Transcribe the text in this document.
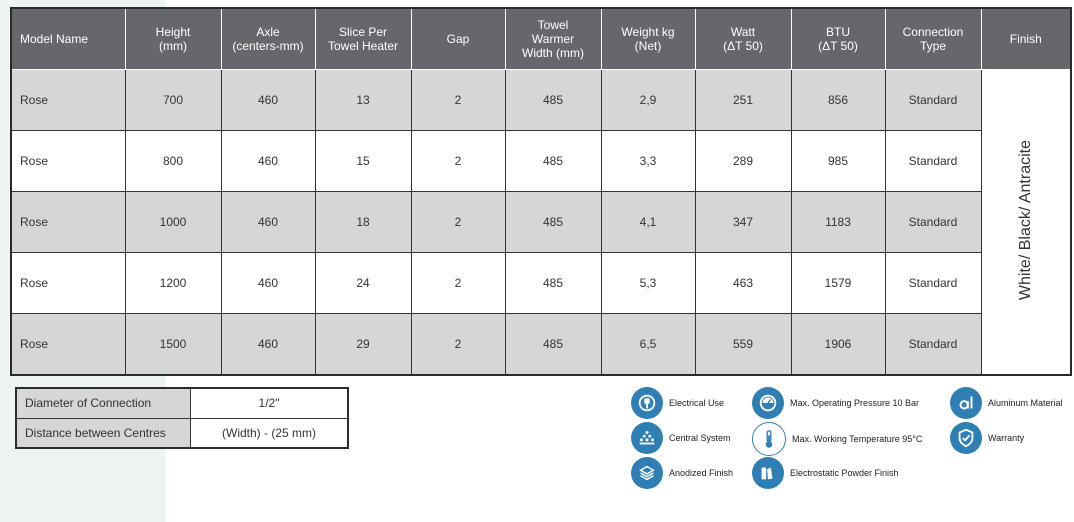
Model Name	Height
(mm)	Axle
(centers-mm)	Slice Per
Towel Heater	Gap	Towel
Warmer
Width (mm)	Weight kg
(Net)	Watt
(ΔT 50)	BTU
(ΔT 50)	Connection
Type	Finish
Rose	700	460	13	2	485	2,9	251	856	Standard	White/ Black/ Antracite
Rose	800	460	15	2	485	3,3	289	985	Standard	
Rose	1000	460	18	2	485	4,1	347	1183	Standard	
Rose	1200	460	24	2	485	5,3	463	1579	Standard	
Rose	1500	460	29	2	485	6,5	559	1906	Standard	
Diameter of Connection	1/2"
Distance between Centres	(Width) - (25 mm)
Electrical Use	Max. Operating Pressure 10 Bar	Aluminum Material
Central System	Max. Working Temperature 95°C	Warranty
Anodized Finish	Electrostatic Powder Finish
